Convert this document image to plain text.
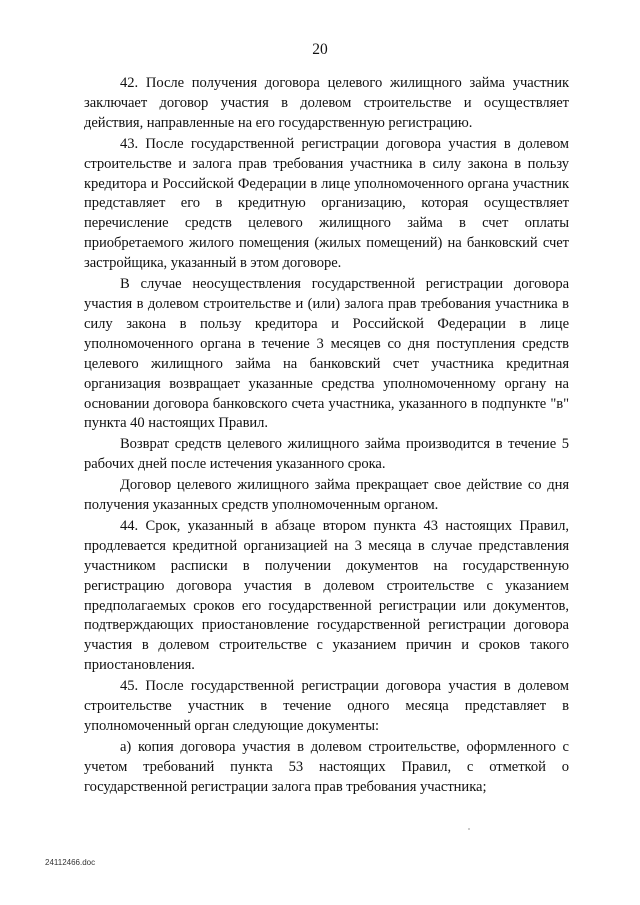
20

42. После получения договора целевого жилищного займа участник заключает договор участия в долевом строительстве и осуществляет действия, направленные на его государственную регистрацию.

43. После государственной регистрации договора участия в долевом строительстве и залога прав требования участника в силу закона в пользу кредитора и Российской Федерации в лице уполномоченного органа участник представляет его в кредитную организацию, которая осуществляет перечисление средств целевого жилищного займа в счет оплаты приобретаемого жилого помещения (жилых помещений) на банковский счет застройщика, указанный в этом договоре.

В случае неосуществления государственной регистрации договора участия в долевом строительстве и (или) залога прав требования участника в силу закона в пользу кредитора и Российской Федерации в лице уполномоченного органа в течение 3 месяцев со дня поступления средств целевого жилищного займа на банковский счет участника кредитная организация возвращает указанные средства уполномоченному органу на основании договора банковского счета участника, указанного в подпункте "в" пункта 40 настоящих Правил.

Возврат средств целевого жилищного займа производится в течение 5 рабочих дней после истечения указанного срока.

Договор целевого жилищного займа прекращает свое действие со дня получения указанных средств уполномоченным органом.

44. Срок, указанный в абзаце втором пункта 43 настоящих Правил, продлевается кредитной организацией на 3 месяца в случае представления участником расписки в получении документов на государственную регистрацию договора участия в долевом строительстве с указанием предполагаемых сроков его государственной регистрации или документов, подтверждающих приостановление государственной регистрации договора участия в долевом строительстве с указанием причин и сроков такого приостановления.

45. После государственной регистрации договора участия в долевом строительстве участник в течение одного месяца представляет в уполномоченный орган следующие документы:

а) копия договора участия в долевом строительстве, оформленного с учетом требований пункта 53 настоящих Правил, с отметкой о государственной регистрации залога прав требования участника;

24112466.doc
